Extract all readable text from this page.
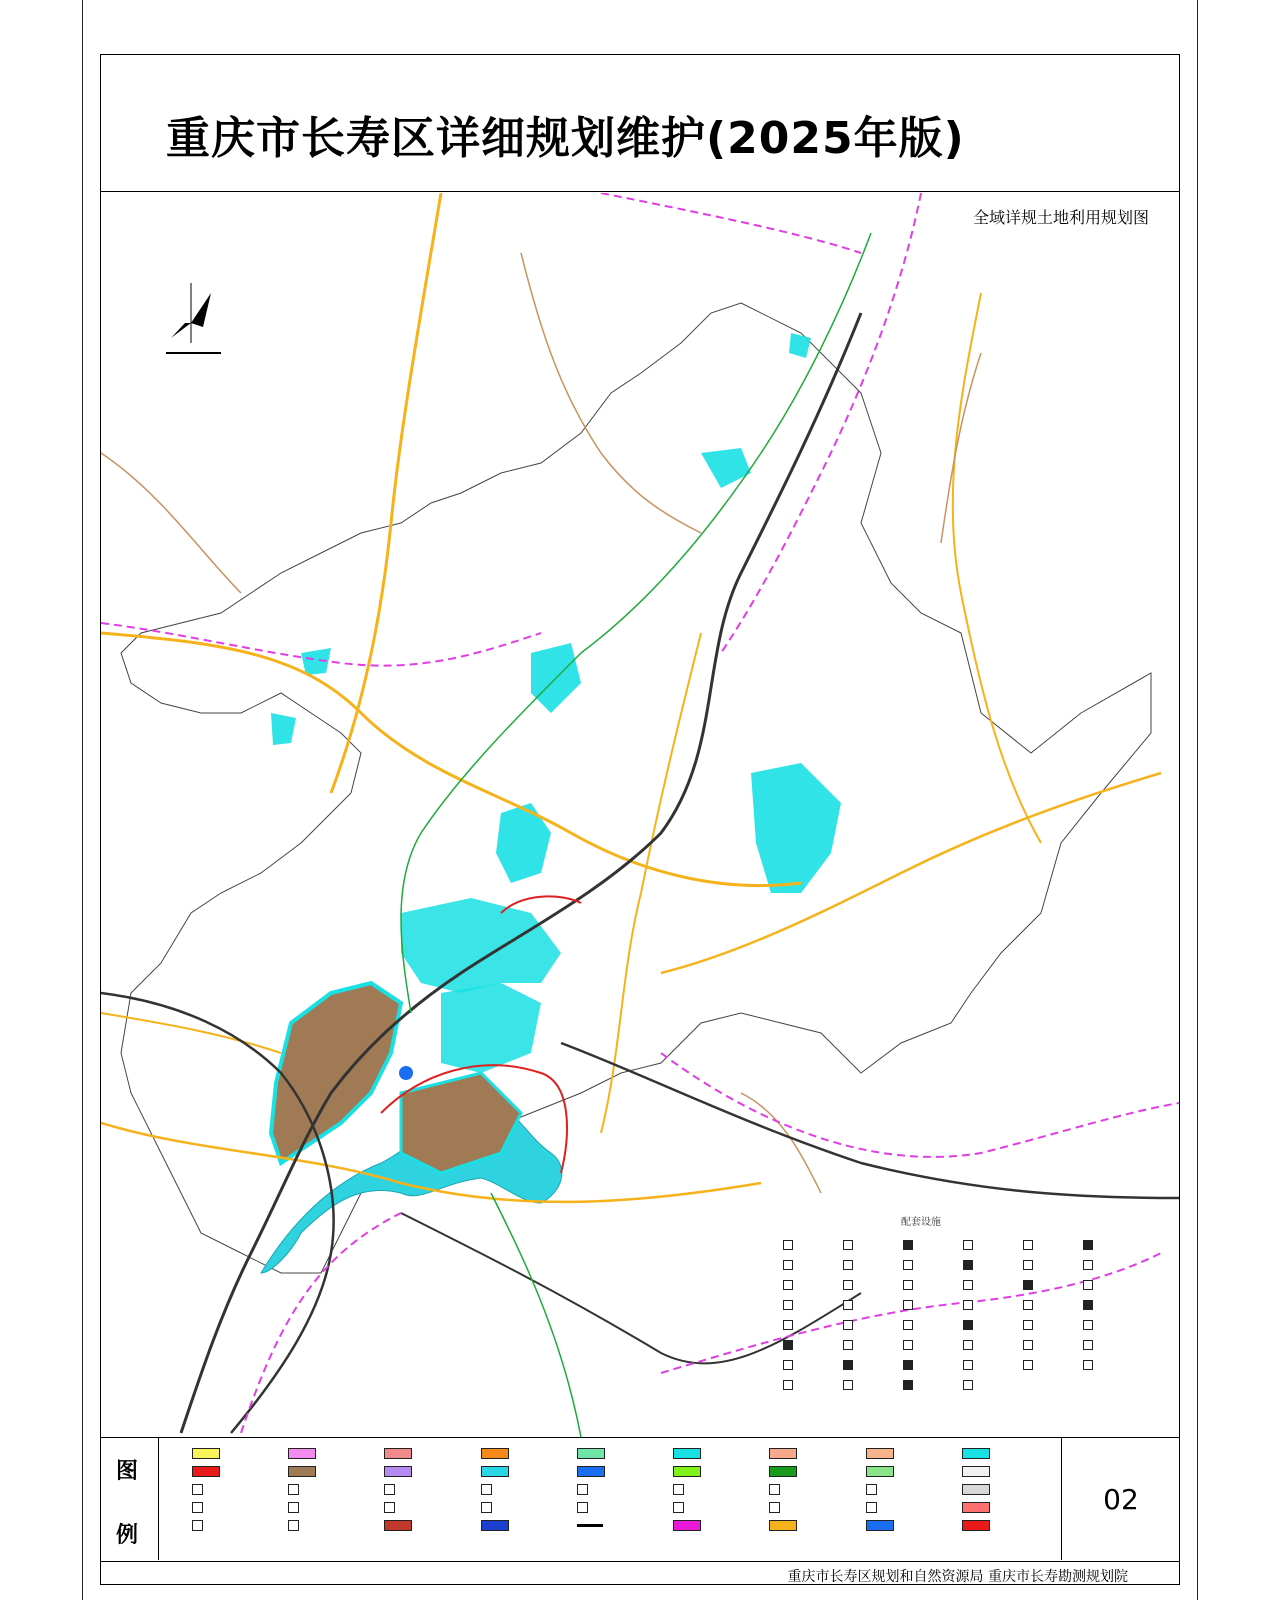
重庆市长寿区详细规划维护(2025年版)
全域详规土地利用规划图
配套设施
图
例
02
重庆市长寿区规划和自然资源局 重庆市长寿勘测规划院
